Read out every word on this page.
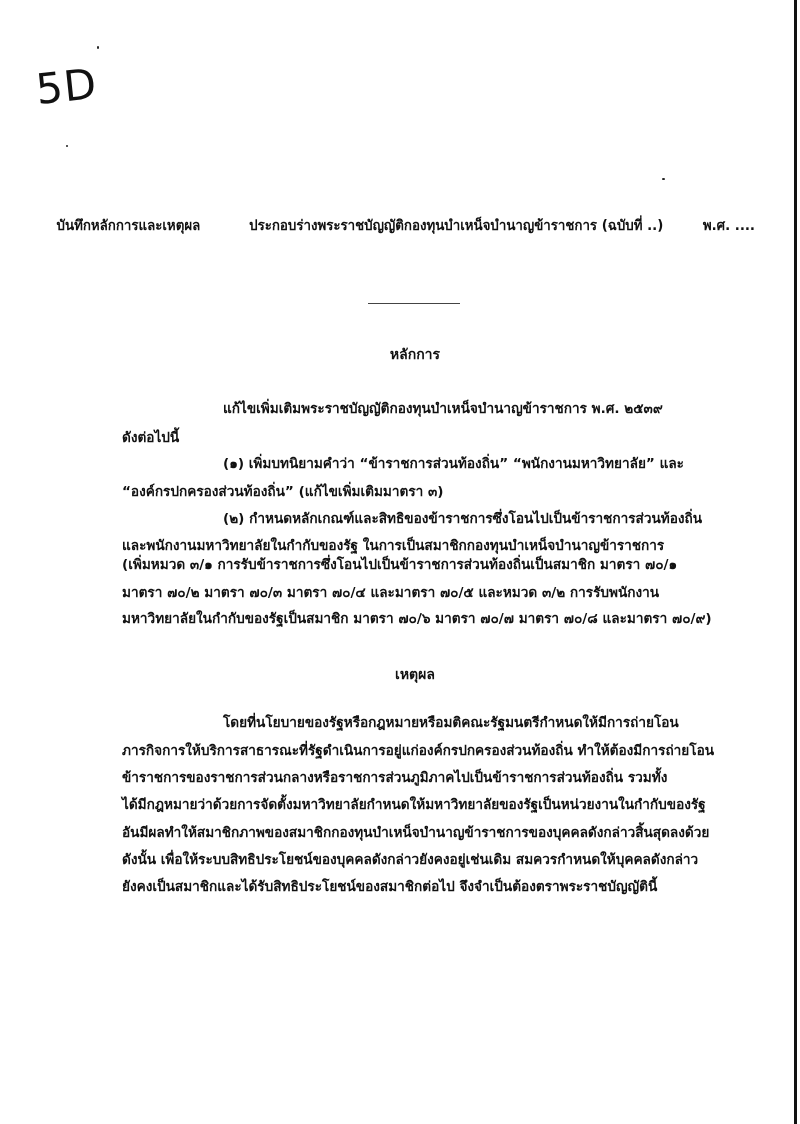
5D
บันทึกหลักการและเหตุผล	ประกอบร่างพระราชบัญญัติกองทุนบำเหน็จบำนาญข้าราชการ (ฉบับที่ ..)	พ.ศ. ....
หลักการ
แก้ไขเพิ่มเติมพระราชบัญญัติกองทุนบำเหน็จบำนาญข้าราชการ พ.ศ. ๒๕๓๙
ดังต่อไปนี้
(๑) เพิ่มบทนิยามคำว่า “ข้าราชการส่วนท้องถิ่น” “พนักงานมหาวิทยาลัย” และ
“องค์กรปกครองส่วนท้องถิ่น” (แก้ไขเพิ่มเติมมาตรา ๓)
(๒) กำหนดหลักเกณฑ์และสิทธิของข้าราชการซึ่งโอนไปเป็นข้าราชการส่วนท้องถิ่น
และพนักงานมหาวิทยาลัยในกำกับของรัฐ ในการเป็นสมาชิกกองทุนบำเหน็จบำนาญข้าราชการ
(เพิ่มหมวด ๓/๑ การรับข้าราชการซึ่งโอนไปเป็นข้าราชการส่วนท้องถิ่นเป็นสมาชิก มาตรา ๗๐/๑
มาตรา ๗๐/๒ มาตรา ๗๐/๓ มาตรา ๗๐/๔ และมาตรา ๗๐/๕ และหมวด ๓/๒ การรับพนักงาน
มหาวิทยาลัยในกำกับของรัฐเป็นสมาชิก มาตรา ๗๐/๖ มาตรา ๗๐/๗ มาตรา ๗๐/๘ และมาตรา ๗๐/๙)
เหตุผล
โดยที่นโยบายของรัฐหรือกฎหมายหรือมติคณะรัฐมนตรีกำหนดให้มีการถ่ายโอน
ภารกิจการให้บริการสาธารณะที่รัฐดำเนินการอยู่แก่องค์กรปกครองส่วนท้องถิ่น ทำให้ต้องมีการถ่ายโอน
ข้าราชการของราชการส่วนกลางหรือราชการส่วนภูมิภาคไปเป็นข้าราชการส่วนท้องถิ่น รวมทั้ง
ได้มีกฎหมายว่าด้วยการจัดตั้งมหาวิทยาลัยกำหนดให้มหาวิทยาลัยของรัฐเป็นหน่วยงานในกำกับของรัฐ
อันมีผลทำให้สมาชิกภาพของสมาชิกกองทุนบำเหน็จบำนาญข้าราชการของบุคคลดังกล่าวสิ้นสุดลงด้วย
ดังนั้น เพื่อให้ระบบสิทธิประโยชน์ของบุคคลดังกล่าวยังคงอยู่เช่นเดิม สมควรกำหนดให้บุคคลดังกล่าว
ยังคงเป็นสมาชิกและได้รับสิทธิประโยชน์ของสมาชิกต่อไป จึงจำเป็นต้องตราพระราชบัญญัตินี้
